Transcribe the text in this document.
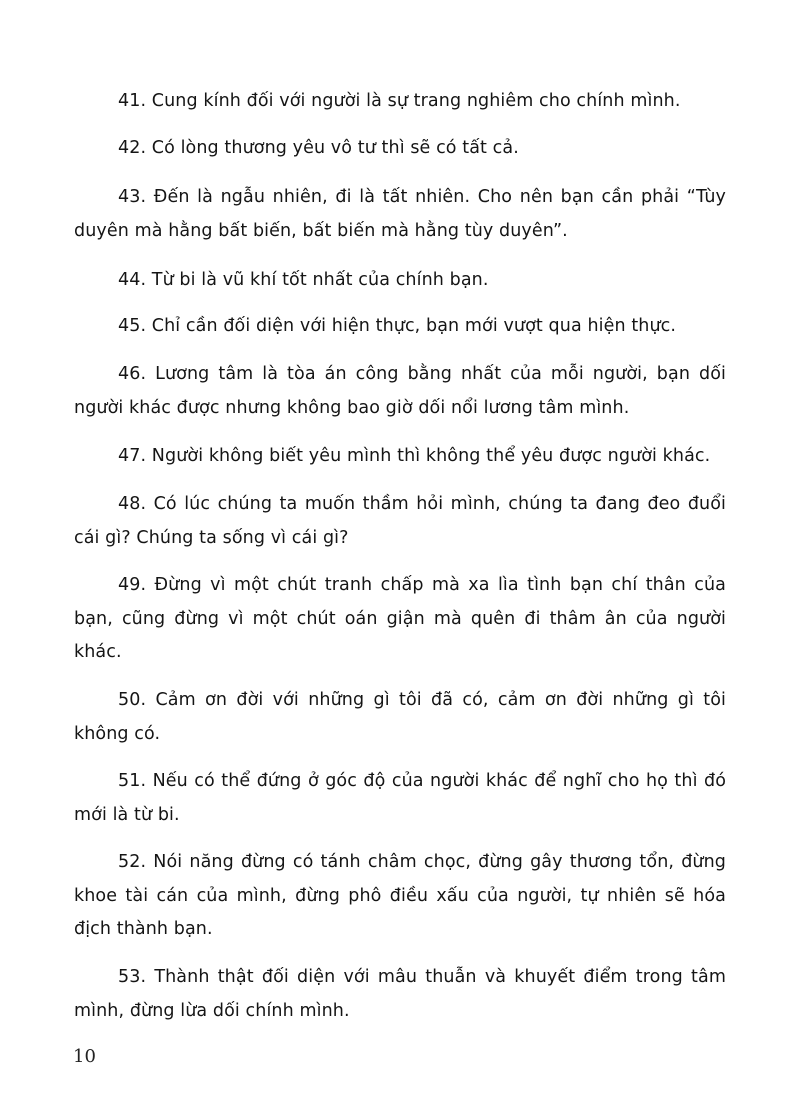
41. Cung kính đối với người là sự trang nghiêm cho chính mình.

42. Có lòng thương yêu vô tư thì sẽ có tất cả.

43. Đến là ngẫu nhiên, đi là tất nhiên. Cho nên bạn cần phải “Tùy duyên mà hằng bất biến, bất biến mà hằng tùy duyên”.

44. Từ bi là vũ khí tốt nhất của chính bạn.

45. Chỉ cần đối diện với hiện thực, bạn mới vượt qua hiện thực.

46. Lương tâm là tòa án công bằng nhất của mỗi người, bạn dối người khác được nhưng không bao giờ dối nổi lương tâm mình.

47. Người không biết yêu mình thì không thể yêu được người khác.

48. Có lúc chúng ta muốn thầm hỏi mình, chúng ta đang đeo đuổi cái gì? Chúng ta sống vì cái gì?

49. Đừng vì một chút tranh chấp mà xa lìa tình bạn chí thân của bạn, cũng đừng vì một chút oán giận mà quên đi thâm ân của người khác.

50. Cảm ơn đời với những gì tôi đã có, cảm ơn đời những gì tôi không có.

51. Nếu có thể đứng ở góc độ của người khác để nghĩ cho họ thì đó mới là từ bi.

52. Nói năng đừng có tánh châm chọc, đừng gây thương tổn, đừng khoe tài cán của mình, đừng phô điều xấu của người, tự nhiên sẽ hóa địch thành bạn.

53. Thành thật đối diện với mâu thuẫn và khuyết điểm trong tâm mình, đừng lừa dối chính mình.

10
